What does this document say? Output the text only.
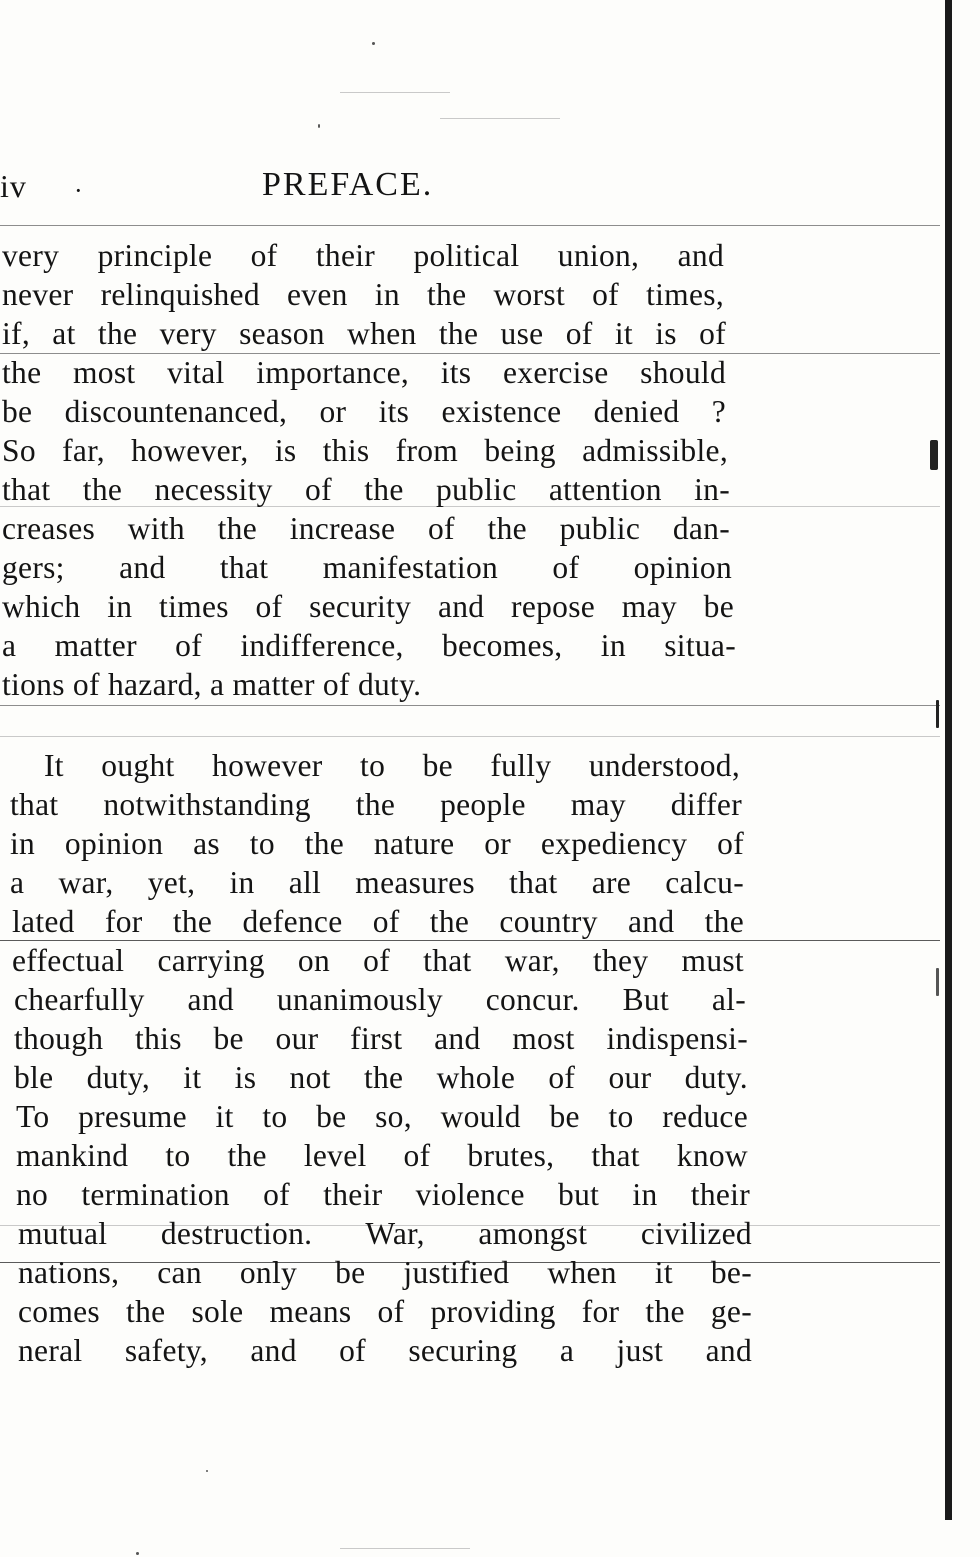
iv ·	PREFACE.
very principle of their political union, and
never relinquished even in the worst of times,
if, at the very season when the use of it is of
the most vital importance, its exercise should
be discountenanced, or its existence denied ?
So far, however, is this from being admissible,
that the necessity of the public attention in-
creases with the increase of the public dan-
gers; and that manifestation of opinion
which in times of security and repose may be
a matter of indifference, becomes, in situa-
tions of hazard, a matter of duty.
It ought however to be fully understood,
that notwithstanding the people may differ
in opinion as to the nature or expediency of
a war, yet, in all measures that are calcu-
lated for the defence of the country and the
effectual carrying on of that war, they must
chearfully and unanimously concur. But al-
though this be our first and most indispensi-
ble duty, it is not the whole of our duty.
To presume it to be so, would be to reduce
mankind to the level of brutes, that know
no termination of their violence but in their
mutual destruction. War, amongst civilized
nations, can only be justified when it be-
comes the sole means of providing for the ge-
neral safety, and of securing a just and
